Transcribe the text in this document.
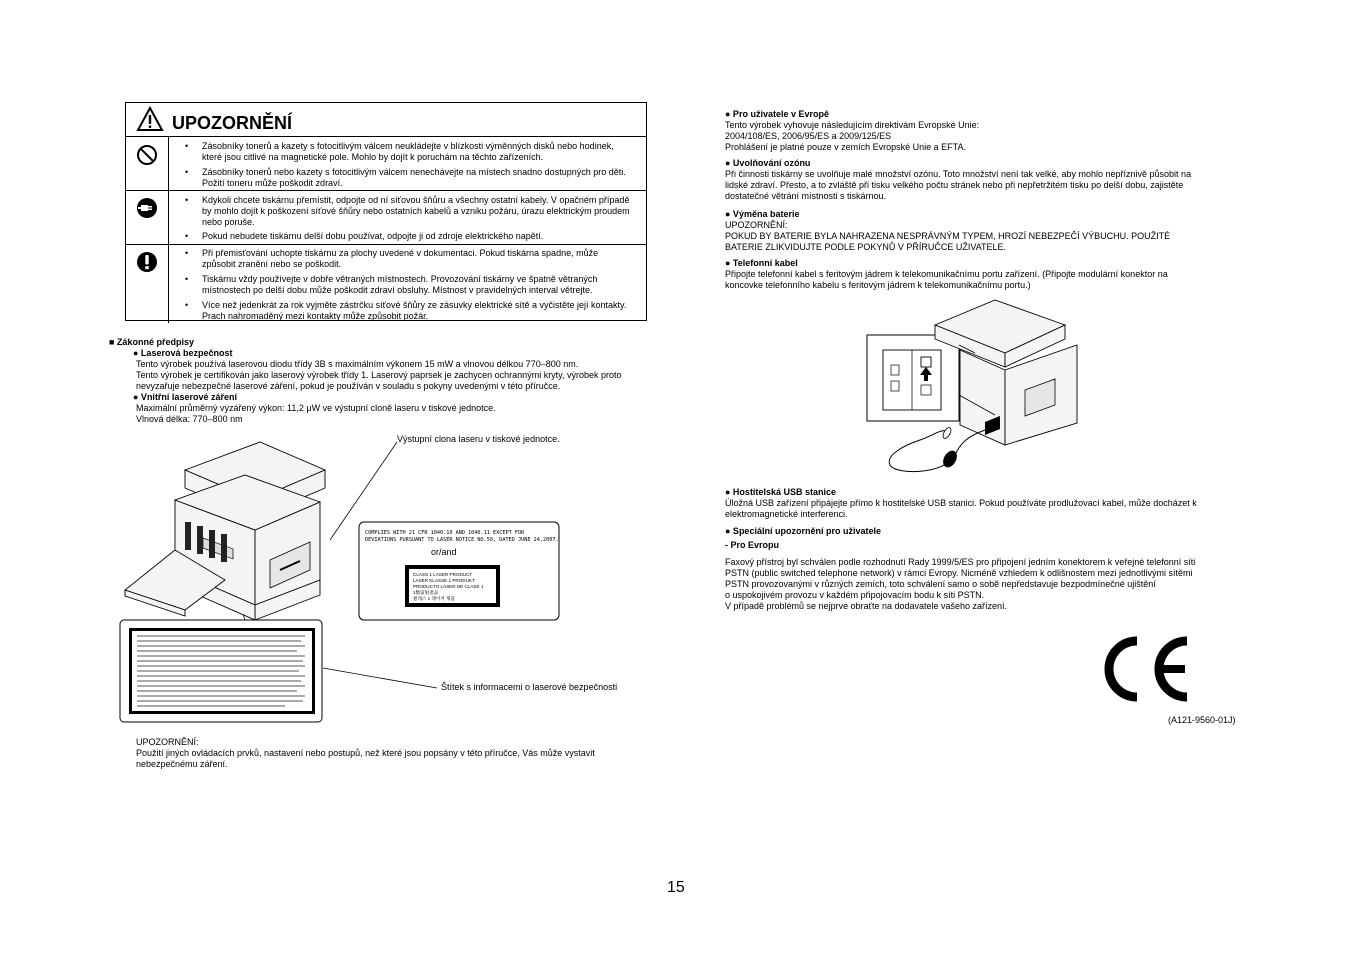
UPOZORNĚNÍ
• Zásobníky tonerů a kazety s fotocitlivým válcem neukládejte v blízkosti výměnných disků nebo hodinek, které jsou citlivé na magnetické pole. Mohlo by dojít k poruchám na těchto zařízeních.
• Zásobníky tonerů nebo kazety s fotocitlivým válcem nenechávejte na místech snadno dostupných pro děti. Požití toneru může poškodit zdraví.
• Kdykoli chcete tiskárnu přemístit, odpojte od ní síťovou šňůru a všechny ostatní kabely. V opačném případě by mohlo dojít k poškození síťové šňůry nebo ostatních kabelů a vzniku požáru, úrazu elektrickým proudem nebo poruše.
• Pokud nebudete tiskárnu delší dobu používat, odpojte ji od zdroje elektrického napětí.
• Při přemisťování uchopte tiskárnu za plochy uvedené v dokumentaci. Pokud tiskárna spadne, může způsobit zranění nebo se poškodit.
• Tiskárnu vždy používejte v dobře větraných místnostech. Provozování tiskárny ve špatně větraných místnostech po delší dobu může poškodit zdraví obsluhy. Místnost v pravidelných interval větrejte.
• Více než jedenkrát za rok vyjměte zástrčku síťové šňůry ze zásuvky elektrické sítě a vyčistěte její kontakty. Prach nahromaděný mezi kontakty může způsobit požár.
■ Zákonné předpisy
● Laserová bezpečnost
Tento výrobek používá laserovou diodu třídy 3B s maximálním výkonem 15 mW a vlnovou délkou 770–800 nm.
Tento výrobek je certifikován jako laserový výrobek třídy 1. Laserový paprsek je zachycen ochrannými kryty, výrobek proto
nevyzařuje nebezpečné laserové záření, pokud je používán v souladu s pokyny uvedenými v této příručce.
● Vnitřní laserové záření
Maximální průměrný vyzářený výkon: 11,2 μW ve výstupní cloně laseru v tiskové jednotce.
Vlnová délka: 770–800 nm
COMPLIES WITH 21 CFR 1040.10 AND 1040.11 EXCEPT FOR
DEVIATIONS PURSUANT TO LASER NOTICE NO.50, DATED JUNE 24,2007.
or/and
CLASS 1 LASER PRODUCT
LASER KLASSE 1 PRODUKT
PRODUCTO LASER DE CLASE 1
1類雷射產品
클래스 1 레이저 제품
Výstupní clona laseru v tiskové jednotce.
Štítek s informacemi o laserové bezpečnosti
UPOZORNĚNÍ:
Použití jiných ovládacích prvků, nastavení nebo postupů, než které jsou popsány v této příručce, Vás může vystavit nebezpečnému záření.
● Pro uživatele v Evropě
Tento výrobek vyhovuje následujícím direktivám Evropské Unie:
2004/108/ES, 2006/95/ES a 2009/125/ES
Prohlášení je platné pouze v zemích Evropské Unie a EFTA.
● Uvolňování ozónu
Při činnosti tiskárny se uvolňuje malé množství ozónu. Toto množství není tak velké, aby mohlo nepříznivě působit na
lidské zdraví. Přesto, a to zvláště při tisku velkého počtu stránek nebo při nepřetržitém tisku po delší dobu, zajistěte
dostatečné větrání místnosti s tiskárnou.
● Výměna baterie
UPOZORNĚNÍ:
POKUD BY BATERIE BYLA NAHRAZENA NESPRÁVNÝM TYPEM, HROZÍ NEBEZPEČÍ VÝBUCHU. POUŽITÉ
BATERIE ZLIKVIDUJTE PODLE POKYNŮ V PŘÍRUČCE UŽIVATELE.
● Telefonní kabel
Připojte telefonní kabel s feritovým jádrem k telekomunikačnímu portu zařízení. (Připojte modulární konektor na
koncovke telefonního kabelu s feritovým jádrem k telekomunikačnímu portu.)
● Hostitelská USB stanice
Úložná USB zařízení připájejte přímo k hostitelské USB stanici. Pokud používáte prodlužovací kabel, může docházet k
elektromagnetické interferenci.
● Speciální upozornění pro uživatele
- Pro Evropu
Faxový přístroj byl schválen podle rozhodnutí Rady 1999/5/ES pro připojení jedním konektorem k veřejné telefonní síti
PSTN (public switched telephone network) v rámci Evropy. Nicméně vzhledem k odlišnostem mezi jednotlivými sítěmi
PSTN provozovanými v různých zemích, toto schválení samo o sobě nepředstavuje bezpodmínečné ujištění
o uspokojivém provozu v každém připojovacím bodu k síti PSTN.
V případě problémů se nejprve obraťte na dodavatele vašeho zařízení.
(A121-9560-01J)
15
